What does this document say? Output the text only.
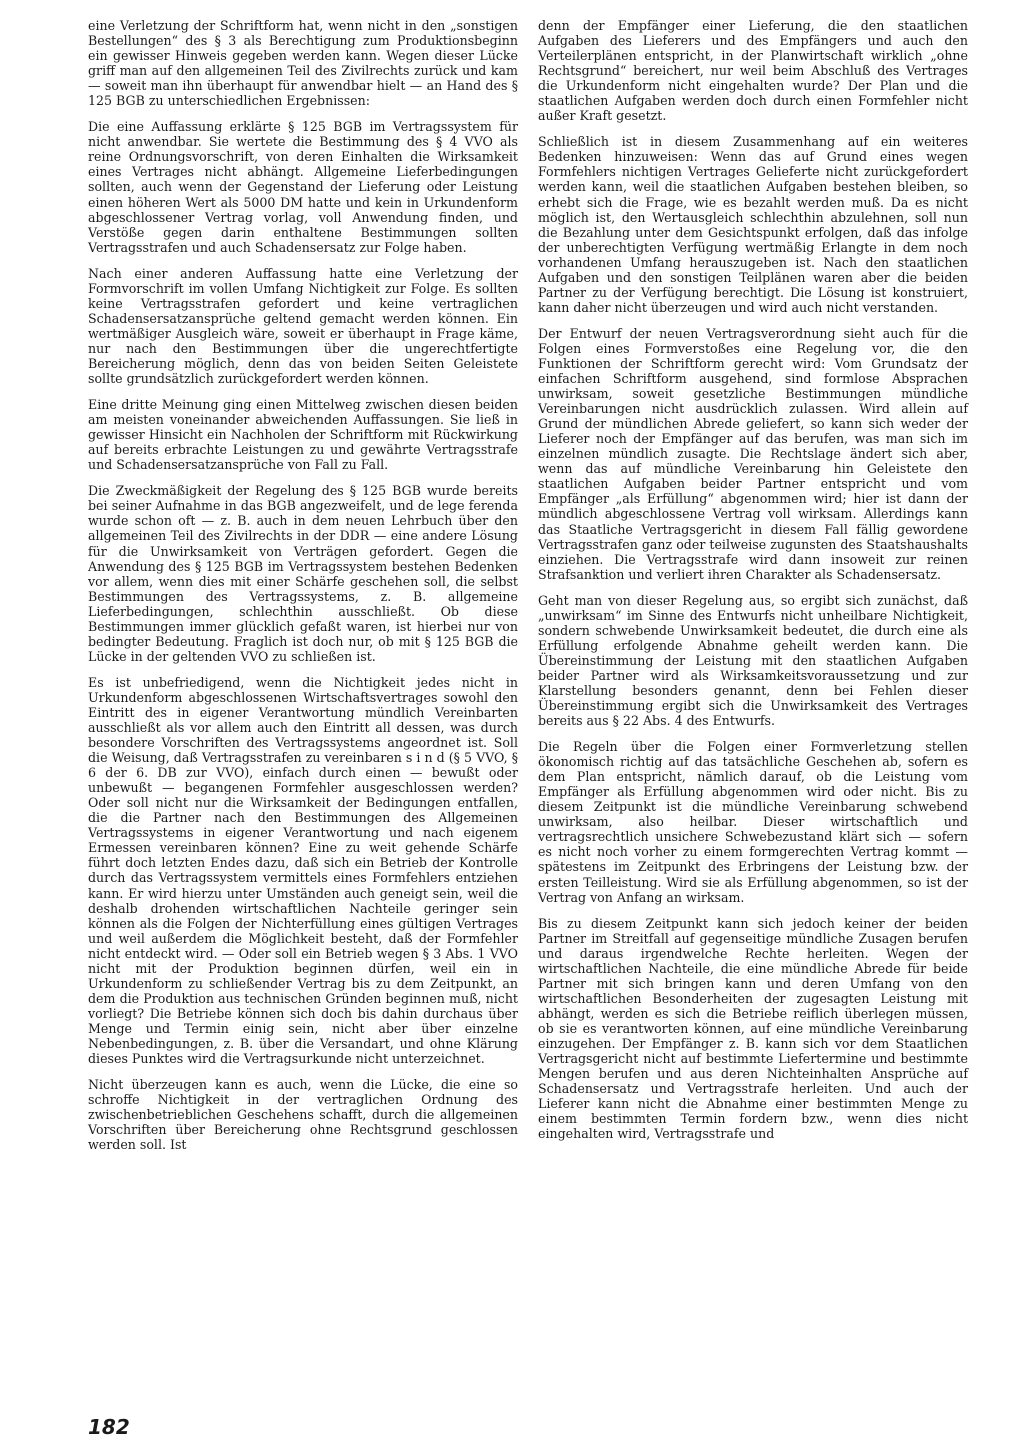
eine Verletzung der Schriftform hat, wenn nicht in den „sonstigen Bestellungen“ des § 3 als Berechtigung zum Produktionsbeginn ein gewisser Hinweis gegeben werden kann. Wegen dieser Lücke griff man auf den allgemeinen Teil des Zivilrechts zurück und kam — soweit man ihn überhaupt für anwendbar hielt — an Hand des § 125 BGB zu unterschiedlichen Ergebnissen:

Die eine Auffassung erklärte § 125 BGB im Vertragssystem für nicht anwendbar. Sie wertete die Bestimmung des § 4 VVO als reine Ordnungsvorschrift, von deren Einhalten die Wirksamkeit eines Vertrages nicht abhängt. Allgemeine Lieferbedingungen sollten, auch wenn der Gegenstand der Lieferung oder Leistung einen höheren Wert als 5000 DM hatte und kein in Urkundenform abgeschlossener Vertrag vorlag, voll Anwendung finden, und Verstöße gegen darin enthaltene Bestimmungen sollten Vertragsstrafen und auch Schadensersatz zur Folge haben.

Nach einer anderen Auffassung hatte eine Verletzung der Formvorschrift im vollen Umfang Nichtigkeit zur Folge. Es sollten keine Vertragsstrafen gefordert und keine vertraglichen Schadensersatzansprüche geltend gemacht werden können. Ein wertmäßiger Ausgleich wäre, soweit er überhaupt in Frage käme, nur nach den Bestimmungen über die ungerechtfertigte Bereicherung möglich, denn das von beiden Seiten Geleistete sollte grundsätzlich zurückgefordert werden können.

Eine dritte Meinung ging einen Mittelweg zwischen diesen beiden am meisten voneinander abweichenden Auffassungen. Sie ließ in gewisser Hinsicht ein Nachholen der Schriftform mit Rückwirkung auf bereits erbrachte Leistungen zu und gewährte Vertragsstrafe und Schadensersatzansprüche von Fall zu Fall.

Die Zweckmäßigkeit der Regelung des § 125 BGB wurde bereits bei seiner Aufnahme in das BGB angezweifelt, und de lege ferenda wurde schon oft — z. B. auch in dem neuen Lehrbuch über den allgemeinen Teil des Zivilrechts in der DDR — eine andere Lösung für die Unwirksamkeit von Verträgen gefordert. Gegen die Anwendung des § 125 BGB im Vertragssystem bestehen Bedenken vor allem, wenn dies mit einer Schärfe geschehen soll, die selbst Bestimmungen des Vertragssystems, z. B. allgemeine Lieferbedingungen, schlechthin ausschließt. Ob diese Bestimmungen immer glücklich gefaßt waren, ist hierbei nur von bedingter Bedeutung. Fraglich ist doch nur, ob mit § 125 BGB die Lücke in der geltenden VVO zu schließen ist.

Es ist unbefriedigend, wenn die Nichtigkeit jedes nicht in Urkundenform abgeschlossenen Wirtschaftsvertrages sowohl den Eintritt des in eigener Verantwortung mündlich Vereinbarten ausschließt als vor allem auch den Eintritt all dessen, was durch besondere Vorschriften des Vertragssystems angeordnet ist. Soll die Weisung, daß Vertragsstrafen zu vereinbaren s i n d (§ 5 VVO, § 6 der 6. DB zur VVO), einfach durch einen — bewußt oder unbewußt — begangenen Formfehler ausgeschlossen werden? Oder soll nicht nur die Wirksamkeit der Bedingungen entfallen, die die Partner nach den Bestimmungen des Allgemeinen Vertragssystems in eigener Verantwortung und nach eigenem Ermessen vereinbaren können? Eine zu weit gehende Schärfe führt doch letzten Endes dazu, daß sich ein Betrieb der Kontrolle durch das Vertragssystem vermittels eines Formfehlers entziehen kann. Er wird hierzu unter Umständen auch geneigt sein, weil die deshalb drohenden wirtschaftlichen Nachteile geringer sein können als die Folgen der Nichterfüllung eines gültigen Vertrages und weil außerdem die Möglichkeit besteht, daß der Formfehler nicht entdeckt wird. — Oder soll ein Betrieb wegen § 3 Abs. 1 VVO nicht mit der Produktion beginnen dürfen, weil ein in Urkundenform zu schließender Vertrag bis zu dem Zeitpunkt, an dem die Produktion aus technischen Gründen beginnen muß, nicht vorliegt? Die Betriebe können sich doch bis dahin durchaus über Menge und Termin einig sein, nicht aber über einzelne Nebenbedingungen, z. B. über die Versandart, und ohne Klärung dieses Punktes wird die Vertragsurkunde nicht unterzeichnet.

Nicht überzeugen kann es auch, wenn die Lücke, die eine so schroffe Nichtigkeit in der vertraglichen Ordnung des zwischenbetrieblichen Geschehens schafft, durch die allgemeinen Vorschriften über Bereicherung ohne Rechtsgrund geschlossen werden soll. Ist

denn der Empfänger einer Lieferung, die den staatlichen Aufgaben des Lieferers und des Empfängers und auch den Verteilerplänen entspricht, in der Planwirtschaft wirklich „ohne Rechtsgrund“ bereichert, nur weil beim Abschluß des Vertrages die Urkundenform nicht eingehalten wurde? Der Plan und die staatlichen Aufgaben werden doch durch einen Formfehler nicht außer Kraft gesetzt.

Schließlich ist in diesem Zusammenhang auf ein weiteres Bedenken hinzuweisen: Wenn das auf Grund eines wegen Formfehlers nichtigen Vertrages Gelieferte nicht zurückgefordert werden kann, weil die staatlichen Aufgaben bestehen bleiben, so erhebt sich die Frage, wie es bezahlt werden muß. Da es nicht möglich ist, den Wertausgleich schlechthin abzulehnen, soll nun die Bezahlung unter dem Gesichtspunkt erfolgen, daß das infolge der unberechtigten Verfügung wertmäßig Erlangte in dem noch vorhandenen Umfang herauszugeben ist. Nach den staatlichen Aufgaben und den sonstigen Teilplänen waren aber die beiden Partner zu der Verfügung berechtigt. Die Lösung ist konstruiert, kann daher nicht überzeugen und wird auch nicht verstanden.

Der Entwurf der neuen Vertragsverordnung sieht auch für die Folgen eines Formverstoßes eine Regelung vor, die den Funktionen der Schriftform gerecht wird: Vom Grundsatz der einfachen Schriftform ausgehend, sind formlose Absprachen unwirksam, soweit gesetzliche Bestimmungen mündliche Vereinbarungen nicht ausdrücklich zulassen. Wird allein auf Grund der mündlichen Abrede geliefert, so kann sich weder der Lieferer noch der Empfänger auf das berufen, was man sich im einzelnen mündlich zusagte. Die Rechtslage ändert sich aber, wenn das auf mündliche Vereinbarung hin Geleistete den staatlichen Aufgaben beider Partner entspricht und vom Empfänger „als Erfüllung“ abgenommen wird; hier ist dann der mündlich abgeschlossene Vertrag voll wirksam. Allerdings kann das Staatliche Vertragsgericht in diesem Fall fällig gewordene Vertragsstrafen ganz oder teilweise zugunsten des Staatshaushalts einziehen. Die Vertragsstrafe wird dann insoweit zur reinen Strafsanktion und verliert ihren Charakter als Schadensersatz.

Geht man von dieser Regelung aus, so ergibt sich zunächst, daß „unwirksam“ im Sinne des Entwurfs nicht unheilbare Nichtigkeit, sondern schwebende Unwirksamkeit bedeutet, die durch eine als Erfüllung erfolgende Abnahme geheilt werden kann. Die Übereinstimmung der Leistung mit den staatlichen Aufgaben beider Partner wird als Wirksamkeitsvoraussetzung und zur Klarstellung besonders genannt, denn bei Fehlen dieser Übereinstimmung ergibt sich die Unwirksamkeit des Vertrages bereits aus § 22 Abs. 4 des Entwurfs.

Die Regeln über die Folgen einer Formverletzung stellen ökonomisch richtig auf das tatsächliche Geschehen ab, sofern es dem Plan entspricht, nämlich darauf, ob die Leistung vom Empfänger als Erfüllung abgenommen wird oder nicht. Bis zu diesem Zeitpunkt ist die mündliche Vereinbarung schwebend unwirksam, also heilbar. Dieser wirtschaftlich und vertragsrechtlich unsichere Schwebezustand klärt sich — sofern es nicht noch vorher zu einem formgerechten Vertrag kommt — spätestens im Zeitpunkt des Erbringens der Leistung bzw. der ersten Teilleistung. Wird sie als Erfüllung abgenommen, so ist der Vertrag von Anfang an wirksam.

Bis zu diesem Zeitpunkt kann sich jedoch keiner der beiden Partner im Streitfall auf gegenseitige mündliche Zusagen berufen und daraus irgendwelche Rechte herleiten. Wegen der wirtschaftlichen Nachteile, die eine mündliche Abrede für beide Partner mit sich bringen kann und deren Umfang von den wirtschaftlichen Besonderheiten der zugesagten Leistung mit abhängt, werden es sich die Betriebe reiflich überlegen müssen, ob sie es verantworten können, auf eine mündliche Vereinbarung einzugehen. Der Empfänger z. B. kann sich vor dem Staatlichen Vertragsgericht nicht auf bestimmte Liefertermine und bestimmte Mengen berufen und aus deren Nichteinhalten Ansprüche auf Schadensersatz und Vertragsstrafe herleiten. Und auch der Lieferer kann nicht die Abnahme einer bestimmten Menge zu einem bestimmten Termin fordern bzw., wenn dies nicht eingehalten wird, Vertragsstrafe und

182
